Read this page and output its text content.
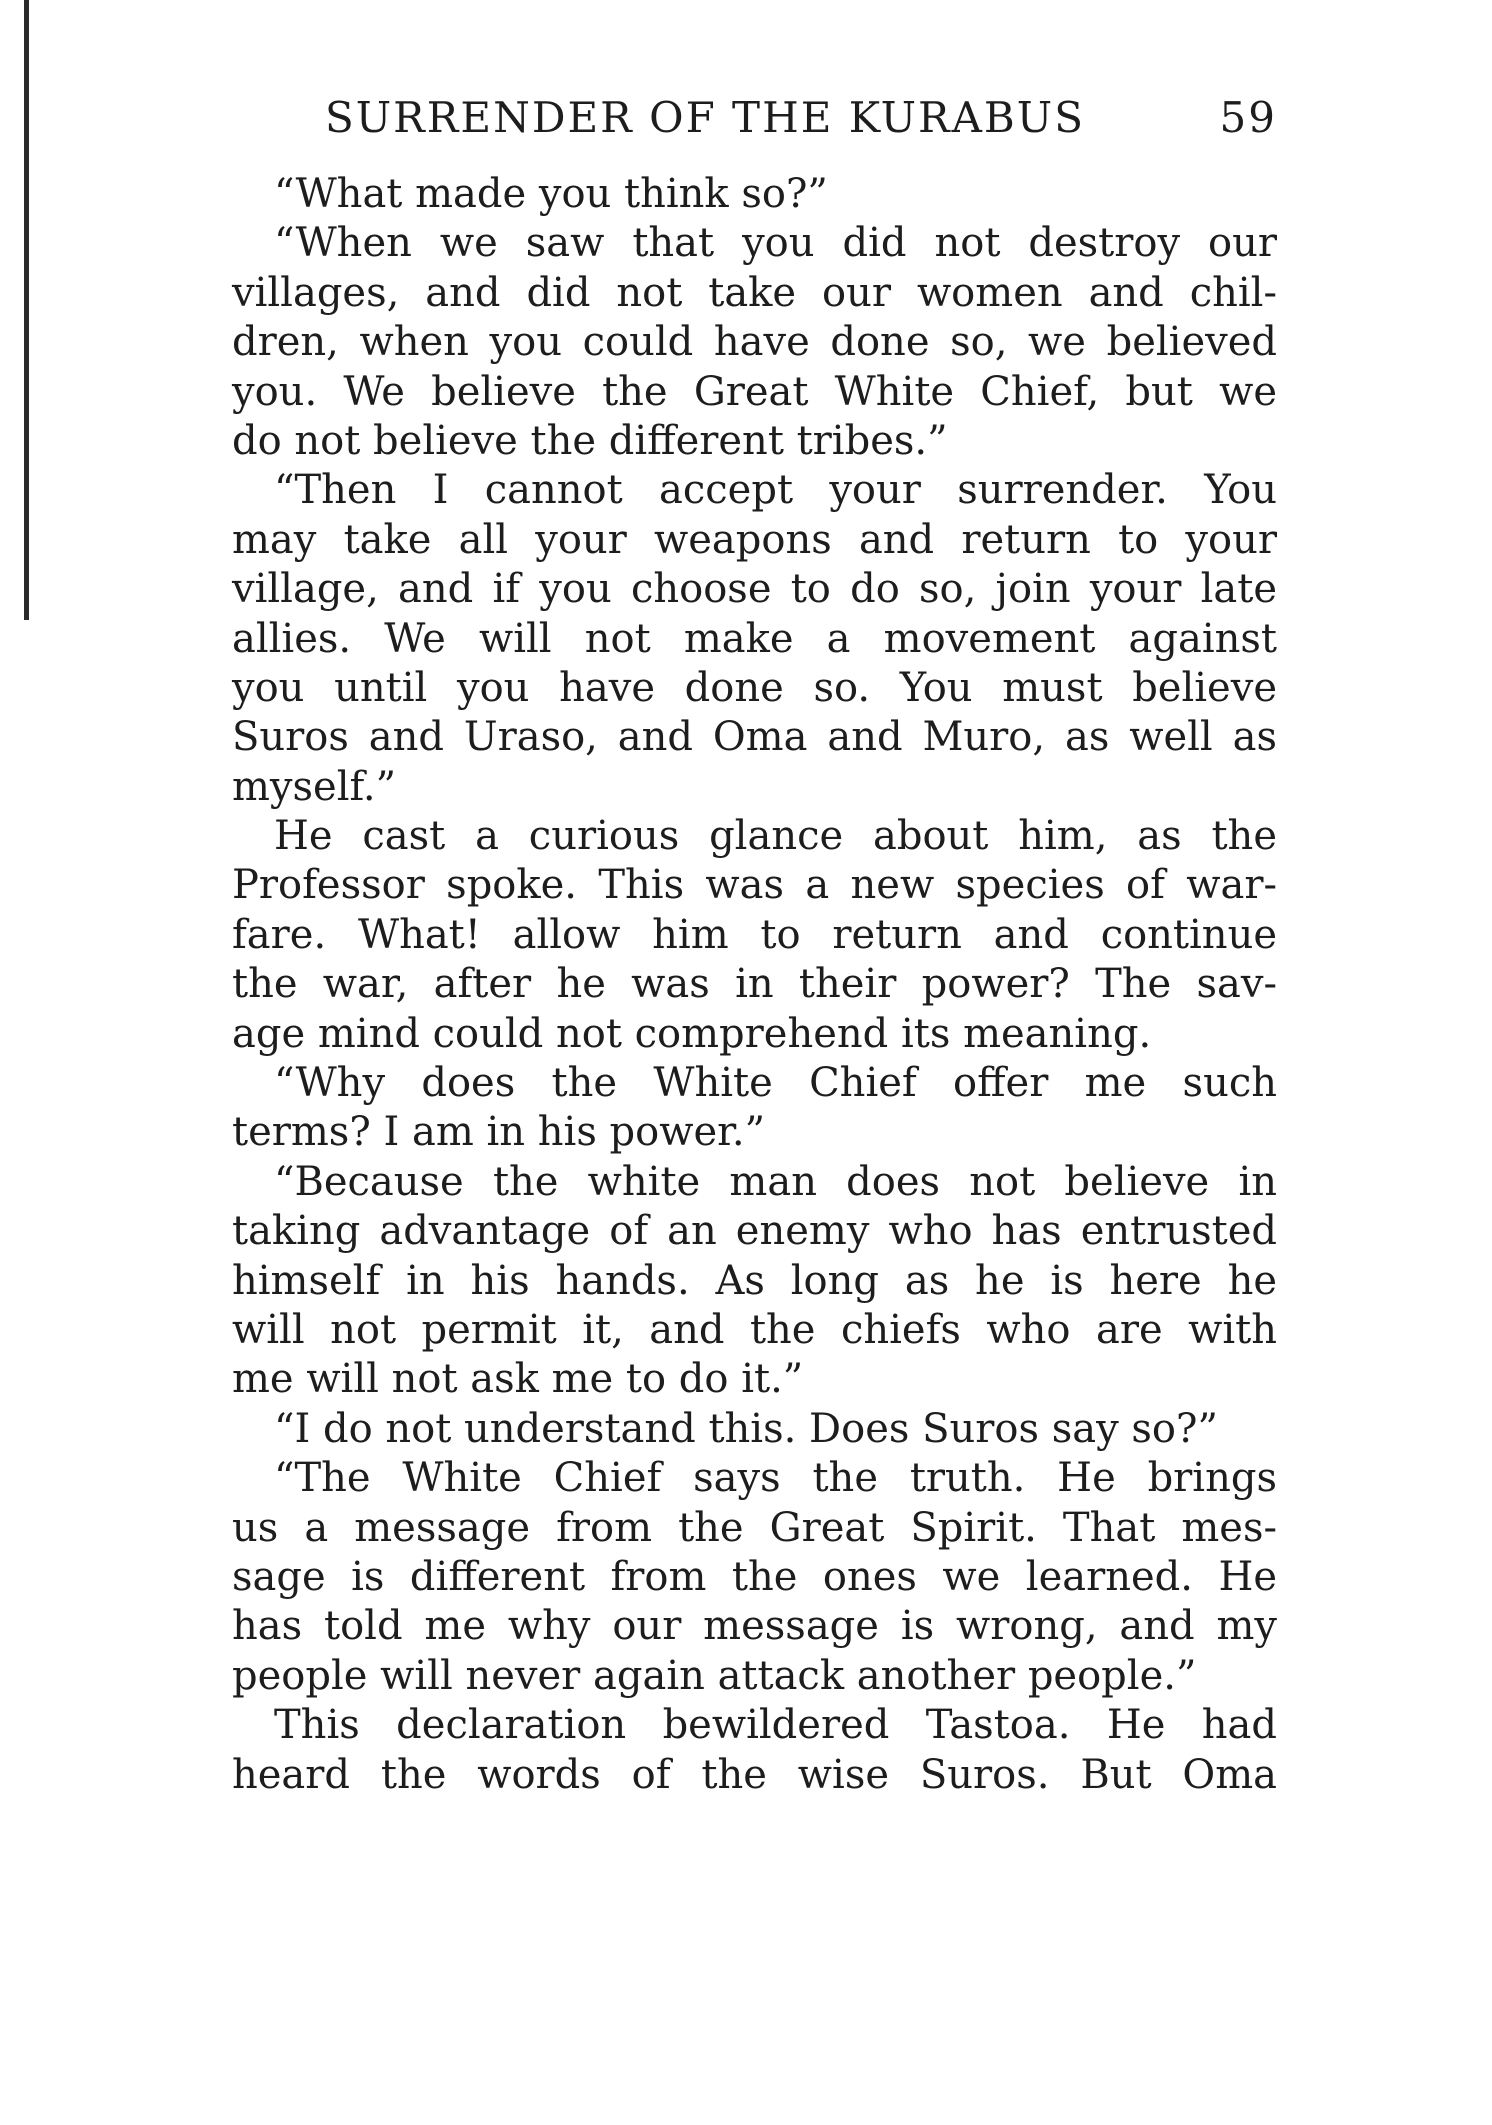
SURRENDER OF THE KURABUS	59
“What made you think so?”
“When we saw that you did not destroy our
villages, and did not take our women and chil-
dren, when you could have done so, we believed
you. We believe the Great White Chief, but we
do not believe the different tribes.”
“Then I cannot accept your surrender. You
may take all your weapons and return to your
village, and if you choose to do so, join your late
allies. We will not make a movement against
you until you have done so. You must believe
Suros and Uraso, and Oma and Muro, as well as
myself.”
He cast a curious glance about him, as the
Professor spoke. This was a new species of war-
fare. What! allow him to return and continue
the war, after he was in their power? The sav-
age mind could not comprehend its meaning.
“Why does the White Chief offer me such
terms? I am in his power.”
“Because the white man does not believe in
taking advantage of an enemy who has entrusted
himself in his hands. As long as he is here he
will not permit it, and the chiefs who are with
me will not ask me to do it.”
“I do not understand this. Does Suros say so?”
“The White Chief says the truth. He brings
us a message from the Great Spirit. That mes-
sage is different from the ones we learned. He
has told me why our message is wrong, and my
people will never again attack another people.”
This declaration bewildered Tastoa. He had
heard the words of the wise Suros. But Oma
